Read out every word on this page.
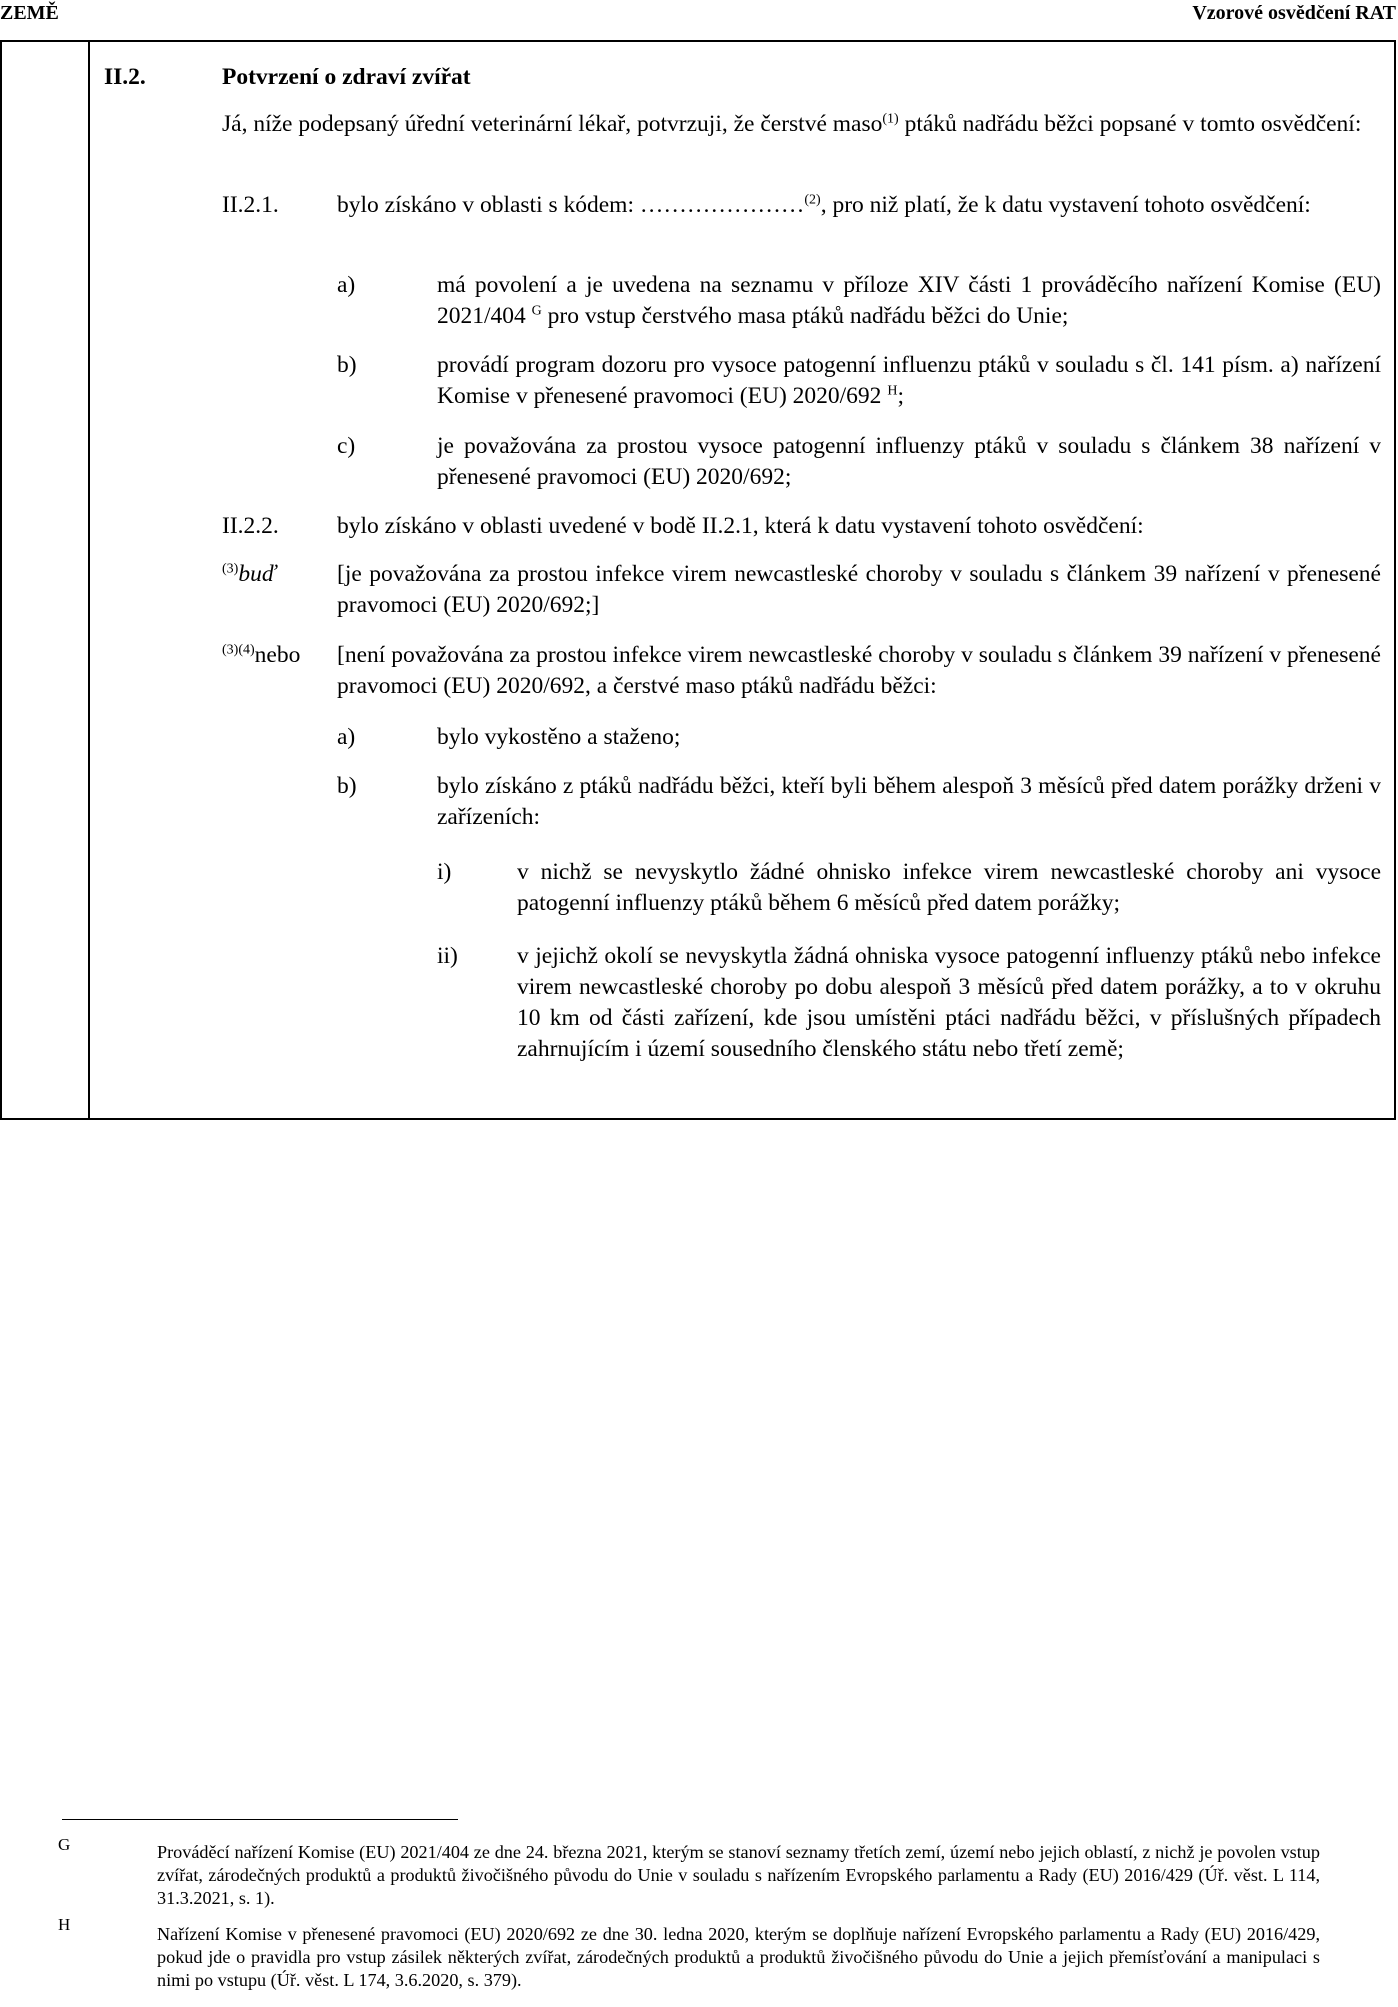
ZEMĚ	Vzorové osvědčení RAT
II.2.	Potvrzení o zdraví zvířat
Já, níže podepsaný úřední veterinární lékař, potvrzuji, že čerstvé maso$^{(1)}$ ptáků nadřádu běžci popsané v tomto osvědčení:
II.2.1. bylo získáno v oblasti s kódem: …………………$^{(2)}$, pro niž platí, že k datu vystavení tohoto osvědčení:
a)	má povolení a je uvedena na seznamu v příloze XIV části 1 prováděcího nařízení Komise (EU) 2021/404 $^G$ pro vstup čerstvého masa ptáků nadřádu běžci do Unie;
b)	provádí program dozoru pro vysoce patogenní influenzu ptáků v souladu s čl. 141 písm. a) nařízení Komise v přenesené pravomoci (EU) 2020/692 $^H$;
c)	je považována za prostou vysoce patogenní influenzy ptáků v souladu s článkem 38 nařízení v přenesené pravomoci (EU) 2020/692;
II.2.2. bylo získáno v oblasti uvedené v bodě II.2.1, která k datu vystavení tohoto osvědčení:
$^{(3)}$buď	[je považována za prostou infekce virem newcastleské choroby v souladu s článkem 39 nařízení v přenesené pravomoci (EU) 2020/692;]
$^{(3)(4)}$nebo [není považována za prostou infekce virem newcastleské choroby v souladu s článkem 39 nařízení v přenesené pravomoci (EU) 2020/692, a čerstvé maso ptáků nadřádu běžci:
a)	bylo vykostěno a staženo;
b)	bylo získáno z ptáků nadřádu běžci, kteří byli během alespoň 3 měsíců před datem porážky drženi v zařízeních:
i)	v nichž se nevyskytlo žádné ohnisko infekce virem newcastleské choroby ani vysoce patogenní influenzy ptáků během 6 měsíců před datem porážky;
ii)	v jejichž okolí se nevyskytla žádná ohniska vysoce patogenní influenzy ptáků nebo infekce virem newcastleské choroby po dobu alespoň 3 měsíců před datem porážky, a to v okruhu 10 km od části zařízení, kde jsou umístěni ptáci nadřádu běžci, v příslušných případech zahrnujícím i území sousedního členského státu nebo třetí země;
G	Prováděcí nařízení Komise (EU) 2021/404 ze dne 24. března 2021, kterým se stanoví seznamy třetích zemí, území nebo jejich oblastí, z nichž je povolen vstup zvířat, zárodečných produktů a produktů živočišného původu do Unie v souladu s nařízením Evropského parlamentu a Rady (EU) 2016/429 (Úř. věst. L 114, 31.3.2021, s. 1).
H	Nařízení Komise v přenesené pravomoci (EU) 2020/692 ze dne 30. ledna 2020, kterým se doplňuje nařízení Evropského parlamentu a Rady (EU) 2016/429, pokud jde o pravidla pro vstup zásilek některých zvířat, zárodečných produktů a produktů živočišného původu do Unie a jejich přemísťování a manipulaci s nimi po vstupu (Úř. věst. L 174, 3.6.2020, s. 379).
